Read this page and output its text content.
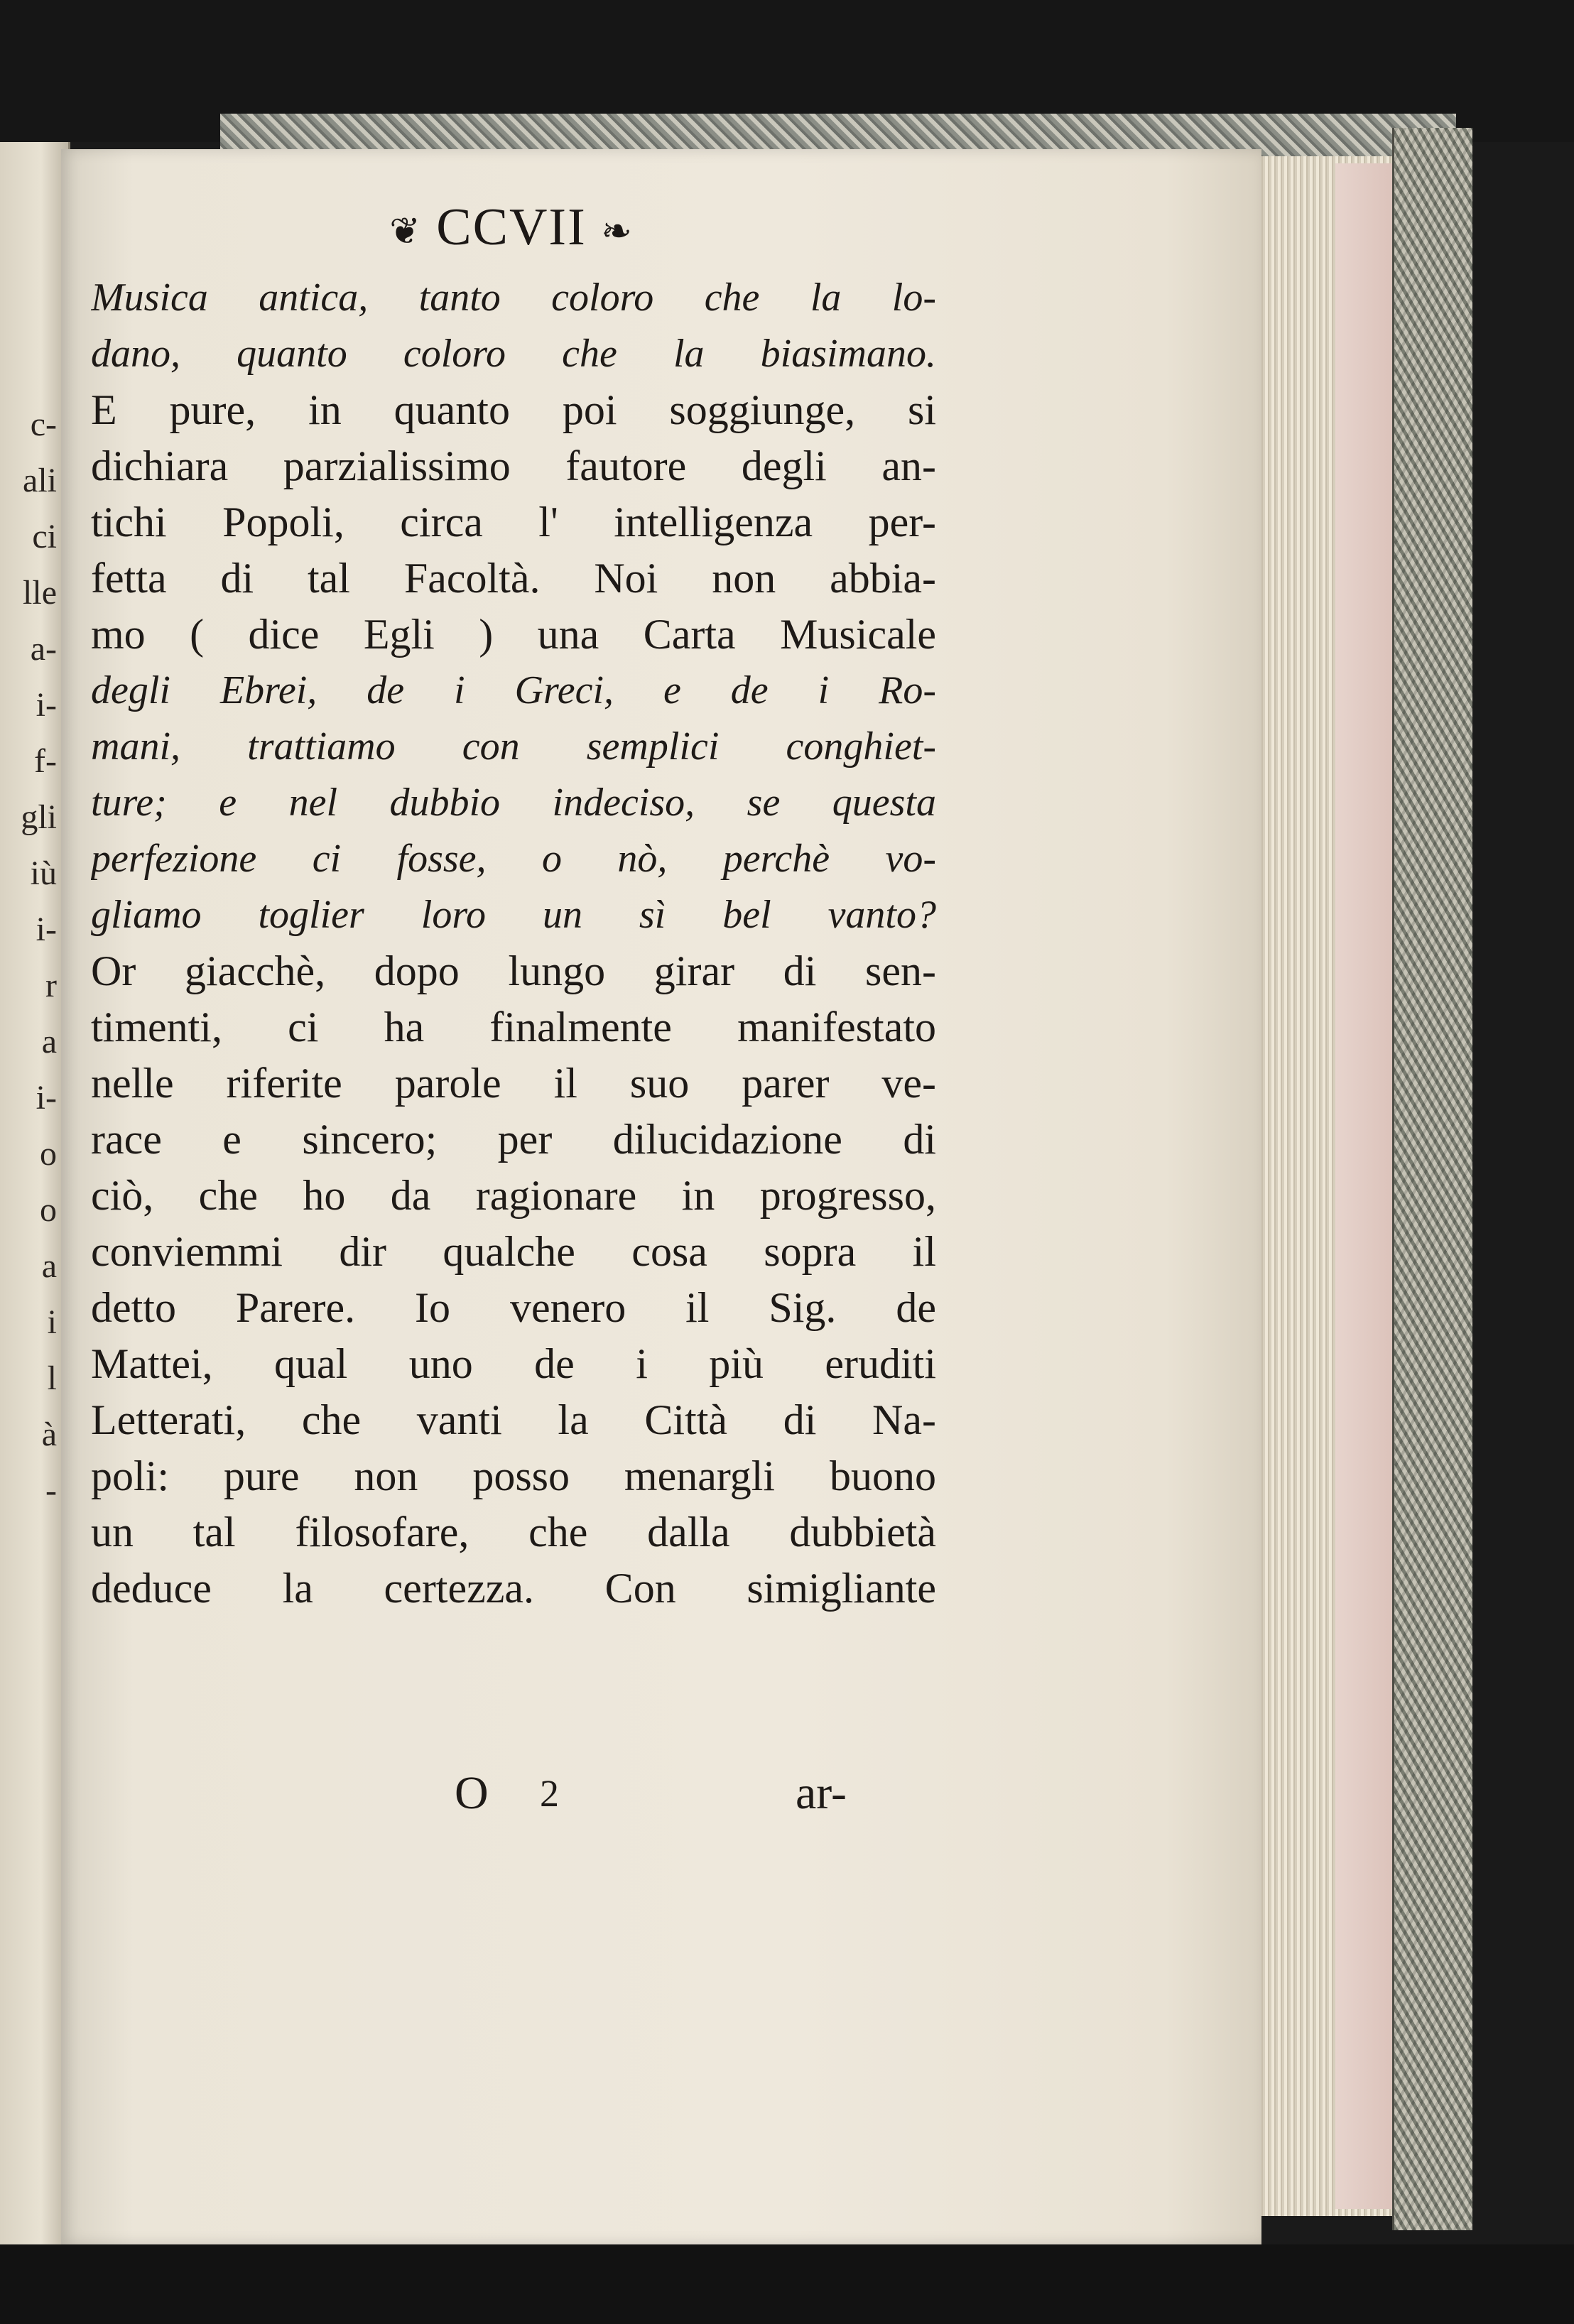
c-
ali
ci
lle
a-
i-
f-
gli
iù
i-
r
a
i-
o
o
a
i
l
à
-
❦ CCVII ❧
Musica antica, tanto coloro che la lo-
dano, quanto coloro che la biasimano.
E pure, in quanto poi soggiunge, si
dichiara parzialissimo fautore degli an-
tichi Popoli, circa l' intelligenza per-
fetta di tal Facoltà. Noi non abbia-
mo ( dice Egli ) una Carta Musicale
degli Ebrei, de i Greci, e de i Ro-
mani, trattiamo con semplici conghiet-
ture; e nel dubbio indeciso, se questa
perfezione ci fosse, o nò, perchè vo-
gliamo toglier loro un sì bel vanto?
Or giacchè, dopo lungo girar di sen-
timenti, ci ha finalmente manifestato
nelle riferite parole il suo parer ve-
race e sincero; per dilucidazione di
ciò, che ho da ragionare in progresso,
conviemmi dir qualche cosa sopra il
detto Parere. Io venero il Sig. de
Mattei, qual uno de i più eruditi
Letterati, che vanti la Città di Na-
poli: pure non posso menargli buono
un tal filosofare, che dalla dubbietà
deduce la certezza. Con simigliante
O 2	ar-
